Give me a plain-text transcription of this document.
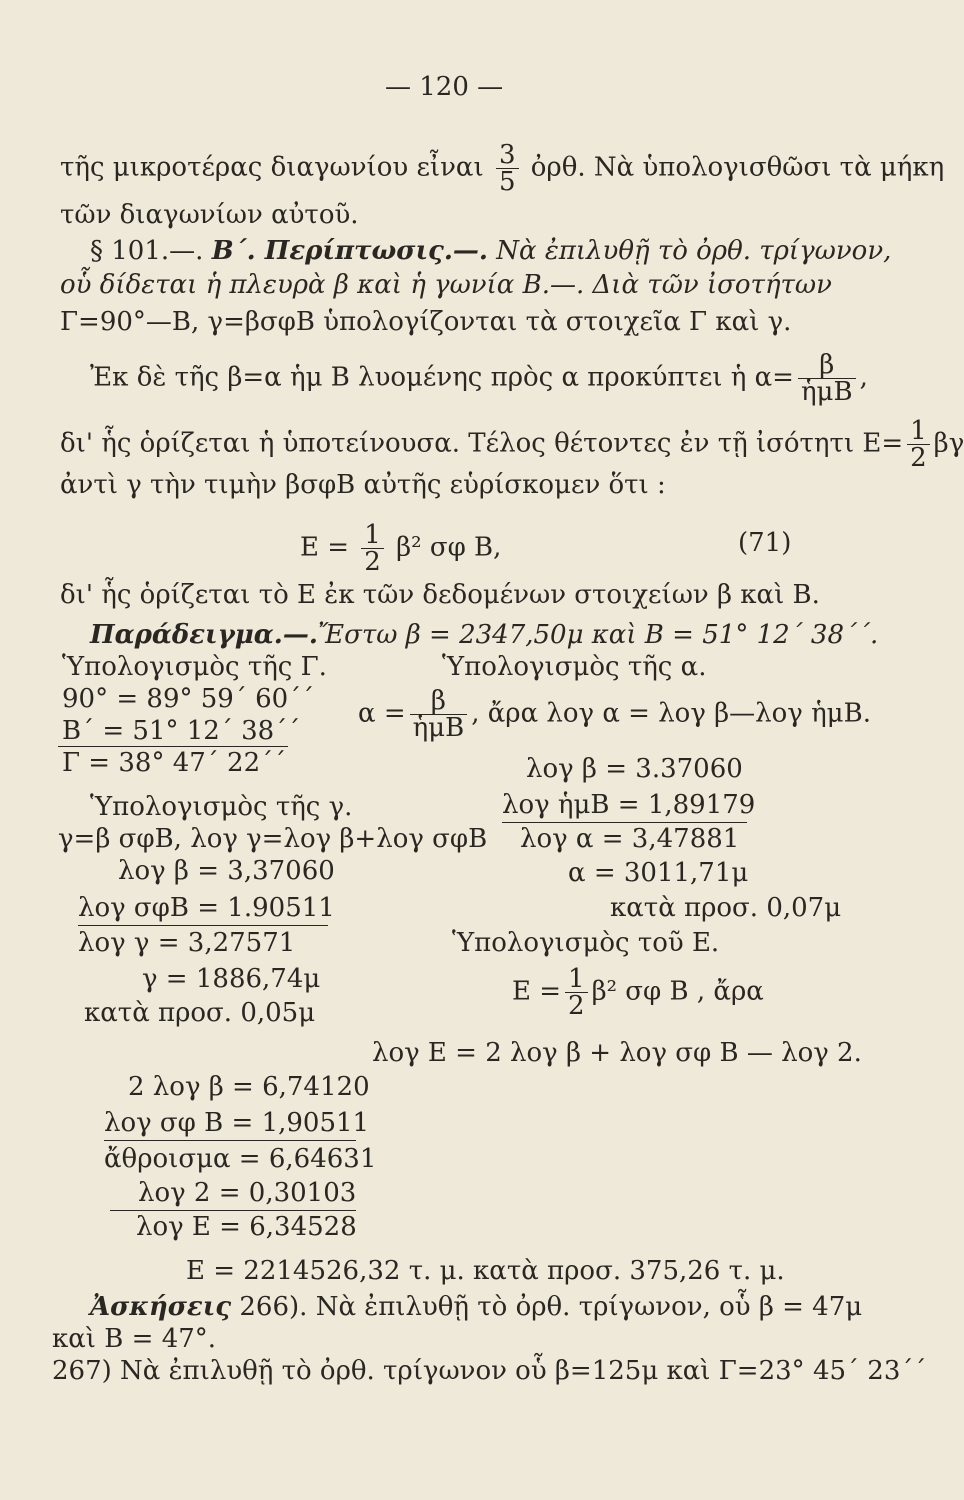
— 120 —
τῆς μικροτέρας διαγωνίου εἶναι $\frac{3}{5}$ ὀρθ. Νὰ ὑπολογισθῶσι τὰ μήκη
τῶν διαγωνίων αὐτοῦ.
§ 101.—. Β΄. Περίπτωσις.—. Νὰ ἐπιλυθῇ τὸ ὀρθ. τρίγωνον,
οὗ δίδεται ἡ πλευρὰ β καὶ ἡ γωνία Β.—. Διὰ τῶν ἰσοτήτων
Γ=90°—Β, γ=βσφΒ ὑπολογίζονται τὰ στοιχεῖα Γ καὶ γ.
Ἐκ δὲ τῆς β=α ἡμ Β λυομένης πρὸς α προκύπτει ἡ $\alpha= \frac{\beta}{\text{ἡμΒ}}$ ,
δι' ἧς ὁρίζεται ἡ ὑποτείνουσα. Τέλος θέτοντες ἐν τῇ ἰσότητι $E= \frac{1}{2}$ βγ
ἀντὶ γ τὴν τιμὴν βσφΒ αὐτῆς εὑρίσκομεν ὅτι :
$E = \frac{1}{2} \beta^2$ σφ Β,	(71)
δι' ἧς ὁρίζεται τὸ Ε ἐκ τῶν δεδομένων στοιχείων β καὶ Β.
Παράδειγμα.—.Ἔστω β = 2347,50μ καὶ Β = 51° 12΄ 38΄΄.
Ὑπολογισμὸς τῆς Γ.
90° = 89° 59΄ 60΄΄
Β΄ = 51° 12΄ 38΄΄
Γ = 38° 47΄ 22΄΄
Ὑπολογισμὸς τῆς γ.
γ=β σφΒ, λογ γ=λογ β+λογ σφΒ
λογ β = 3,37060
λογ σφΒ = 1.90511
λογ γ = 3,27571
γ = 1886,74μ
κατὰ προσ. 0,05μ
Ὑπολογισμὸς τῆς α.
$\alpha = \frac{\beta}{\text{ἡμΒ}}$ , ἄρα λογ α = λογ β—λογ ἡμΒ.
λογ β = 3.37060
λογ ἡμΒ = 1,89179
λογ α = 3,47881
α = 3011,71μ
κατὰ προσ. 0,07μ
Ὑπολογισμὸς τοῦ Ε.
$E = \frac{1}{2} \beta^2$ σφ Β , ἄρα
λογ Ε = 2 λογ β + λογ σφ Β — λογ 2.
2 λογ β = 6,74120
λογ σφ Β = 1,90511
ἄθροισμα = 6,64631
λογ 2 = 0,30103
λογ Ε = 6,34528
Ε = 2214526,32 τ. μ. κατὰ προσ. 375,26 τ. μ.
Ἀσκήσεις 266). Νὰ ἐπιλυθῇ τὸ ὀρθ. τρίγωνον, οὗ β = 47μ
καὶ Β = 47°.
267) Νὰ ἐπιλυθῇ τὸ ὀρθ. τρίγωνον οὗ β=125μ καὶ Γ=23° 45΄ 23΄΄
